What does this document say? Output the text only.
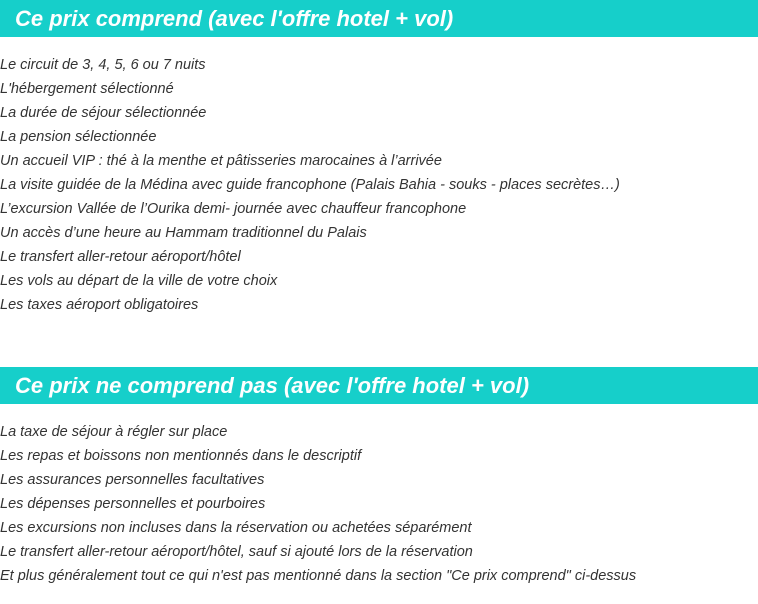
Ce prix comprend (avec l'offre hotel + vol)
Le circuit de 3, 4, 5, 6 ou 7 nuits
L'hébergement sélectionné
La durée de séjour sélectionnée
La pension sélectionnée
Un accueil VIP : thé à la menthe et pâtisseries marocaines à l’arrivée
La visite guidée de la Médina avec guide francophone (Palais Bahia - souks - places secrètes…)
L’excursion Vallée de l’Ourika demi- journée avec chauffeur francophone
Un accès d’une heure au Hammam traditionnel du Palais
Le transfert aller-retour aéroport/hôtel
Les vols au départ de la ville de votre choix
Les taxes aéroport obligatoires
Ce prix ne comprend pas (avec l'offre hotel + vol)
La taxe de séjour à régler sur place
Les repas et boissons non mentionnés dans le descriptif
Les assurances personnelles facultatives
Les dépenses personnelles et pourboires
Les excursions non incluses dans la réservation ou achetées séparément
Le transfert aller-retour aéroport/hôtel, sauf si ajouté lors de la réservation
Et plus généralement tout ce qui n'est pas mentionné dans la section "Ce prix comprend" ci-dessus
